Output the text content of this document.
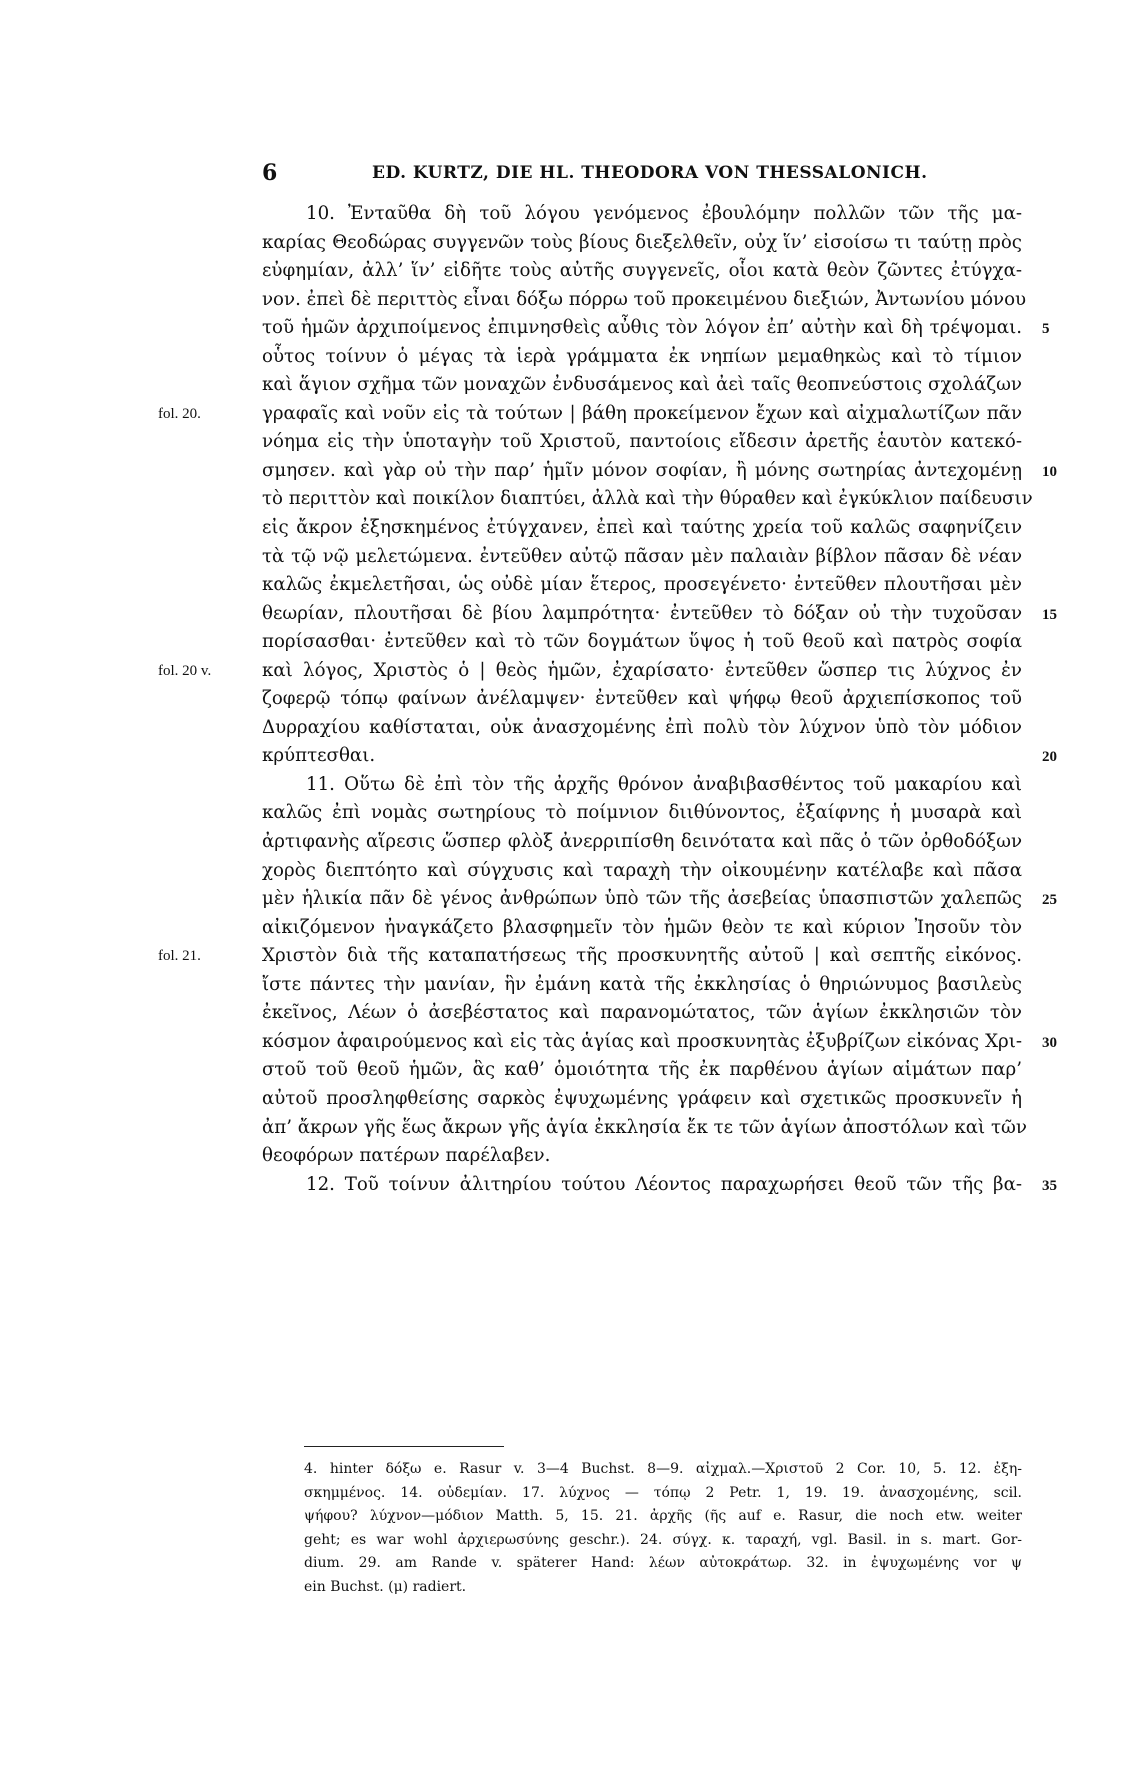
6	ED. KURTZ, DIE HL. THEODORA VON THESSALONICH.
10. Ἐνταῦθα δὴ τοῦ λόγου γενόμενος ἐβουλόμην πολλῶν τῶν τῆς μα-
καρίας Θεοδώρας συγγενῶν τοὺς βίους διεξελθεῖν, οὐχ ἵν’ εἰσοίσω τι ταύτῃ πρὸς
εὐφημίαν, ἀλλ’ ἵν’ εἰδῆτε τοὺς αὐτῆς συγγενεῖς, οἷοι κατὰ θεὸν ζῶντες ἐτύγχα-
νον. ἐπεὶ δὲ περιττὸς εἶναι δόξω πόρρω τοῦ προκειμένου διεξιών, Ἀντωνίου μόνου
τοῦ ἡμῶν ἀρχιποίμενος ἐπιμνησθεὶς αὖθις τὸν λόγον ἐπ’ αὐτὴν καὶ δὴ τρέψομαι. 5
οὗτος τοίνυν ὁ μέγας τὰ ἱερὰ γράμματα ἐκ νηπίων μεμαθηκὼς καὶ τὸ τίμιον
καὶ ἅγιον σχῆμα τῶν μοναχῶν ἐνδυσάμενος καὶ ἀεὶ ταῖς θεοπνεύστοις σχολάζων
γραφαῖς καὶ νοῦν εἰς τὰ τούτων | βάθη προκείμενον ἔχων καὶ αἰχμαλωτίζων πᾶν
fol. 20.
νόημα εἰς τὴν ὑποταγὴν τοῦ Χριστοῦ, παντοίοις εἴδεσιν ἀρετῆς ἑαυτὸν κατεκό-
σμησεν. καὶ γὰρ οὐ τὴν παρ’ ἡμῖν μόνον σοφίαν, ἢ μόνης σωτηρίας ἀντεχομένῃ 10
τὸ περιττὸν καὶ ποικίλον διαπτύει, ἀλλὰ καὶ τὴν θύραθεν καὶ ἐγκύκλιον παίδευσιν
εἰς ἄκρον ἐξησκημένος ἐτύγχανεν, ἐπεὶ καὶ ταύτης χρεία τοῦ καλῶς σαφηνίζειν
τὰ τῷ νῷ μελετώμενα. ἐντεῦθεν αὐτῷ πᾶσαν μὲν παλαιὰν βίβλον πᾶσαν δὲ νέαν
καλῶς ἐκμελετῆσαι, ὡς οὐδὲ μίαν ἕτερος, προσεγένετο· ἐντεῦθεν πλουτῆσαι μὲν
θεωρίαν, πλουτῆσαι δὲ βίου λαμπρότητα· ἐντεῦθεν τὸ δόξαν οὐ τὴν τυχοῦσαν 15
πορίσασθαι· ἐντεῦθεν καὶ τὸ τῶν δογμάτων ὕψος ἡ τοῦ θεοῦ καὶ πατρὸς σοφία
καὶ λόγος, Χριστὸς ὁ | θεὸς ἡμῶν, ἐχαρίσατο· ἐντεῦθεν ὥσπερ τις λύχνος ἐν
fol. 20 v.
ζοφερῷ τόπῳ φαίνων ἀνέλαμψεν· ἐντεῦθεν καὶ ψήφῳ θεοῦ ἀρχιεπίσκοπος τοῦ
Δυρραχίου καθίσταται, οὐκ ἀνασχομένης ἐπὶ πολὺ τὸν λύχνον ὑπὸ τὸν μόδιον
κρύπτεσθαι.	20
11. Οὕτω δὲ ἐπὶ τὸν τῆς ἀρχῆς θρόνον ἀναβιβασθέντος τοῦ μακαρίου καὶ
καλῶς ἐπὶ νομὰς σωτηρίους τὸ ποίμνιον διιθύνοντος, ἐξαίφνης ἡ μυσαρὰ καὶ
ἀρτιφανὴς αἵρεσις ὥσπερ φλὸξ ἀνερριπίσθη δεινότατα καὶ πᾶς ὁ τῶν ὀρθοδόξων
χορὸς διεπτόητο καὶ σύγχυσις καὶ ταραχὴ τὴν οἰκουμένην κατέλαβε καὶ πᾶσα
μὲν ἡλικία πᾶν δὲ γένος ἀνθρώπων ὑπὸ τῶν τῆς ἀσεβείας ὑπασπιστῶν χαλεπῶς 25
αἰκιζόμενον ἠναγκάζετο βλασφημεῖν τὸν ἡμῶν θεὸν τε καὶ κύριον Ἰησοῦν τὸν
Χριστὸν διὰ τῆς καταπατήσεως τῆς προσκυνητῆς αὐτοῦ | καὶ σεπτῆς εἰκόνος.
fol. 21.
ἴστε πάντες τὴν μανίαν, ἣν ἐμάνη κατὰ τῆς ἐκκλησίας ὁ θηριώνυμος βασιλεὺς
ἐκεῖνος, Λέων ὁ ἀσεβέστατος καὶ παρανομώτατος, τῶν ἁγίων ἐκκλησιῶν τὸν
κόσμον ἀφαιρούμενος καὶ εἰς τὰς ἁγίας καὶ προσκυνητὰς ἐξυβρίζων εἰκόνας Χρι- 30
στοῦ τοῦ θεοῦ ἡμῶν, ἃς καθ’ ὁμοιότητα τῆς ἐκ παρθένου ἁγίων αἱμάτων παρ’
αὐτοῦ προσληφθείσης σαρκὸς ἐψυχωμένης γράφειν καὶ σχετικῶς προσκυνεῖν ἡ
ἀπ’ ἄκρων γῆς ἕως ἄκρων γῆς ἁγία ἐκκλησία ἔκ τε τῶν ἁγίων ἀποστόλων καὶ τῶν
θεοφόρων πατέρων παρέλαβεν.
12. Τοῦ τοίνυν ἀλιτηρίου τούτου Λέοντος παραχωρήσει θεοῦ τῶν τῆς βα- 35
4. hinter δόξω e. Rasur v. 3—4 Buchst. 8—9. αἰχμαλ.—Χριστοῦ 2 Cor. 10, 5. 12. ἐξη-
σκημμένος. 14. οὐδεμίαν. 17. λύχνος — τόπῳ 2 Petr. 1, 19. 19. ἀνασχομένης, scil.
ψήφου? λύχνον—μόδιον Matth. 5, 15. 21. ἀρχῆς (ῆς auf e. Rasur, die noch etw. weiter
geht; es war wohl ἀρχιερωσύνης geschr.). 24. σύγχ. κ. ταραχή, vgl. Basil. in s. mart. Gor-
dium. 29. am Rande v. späterer Hand: λέων αὐτοκράτωρ. 32. in ἐψυχωμένης vor ψ
ein Buchst. (μ) radiert.
